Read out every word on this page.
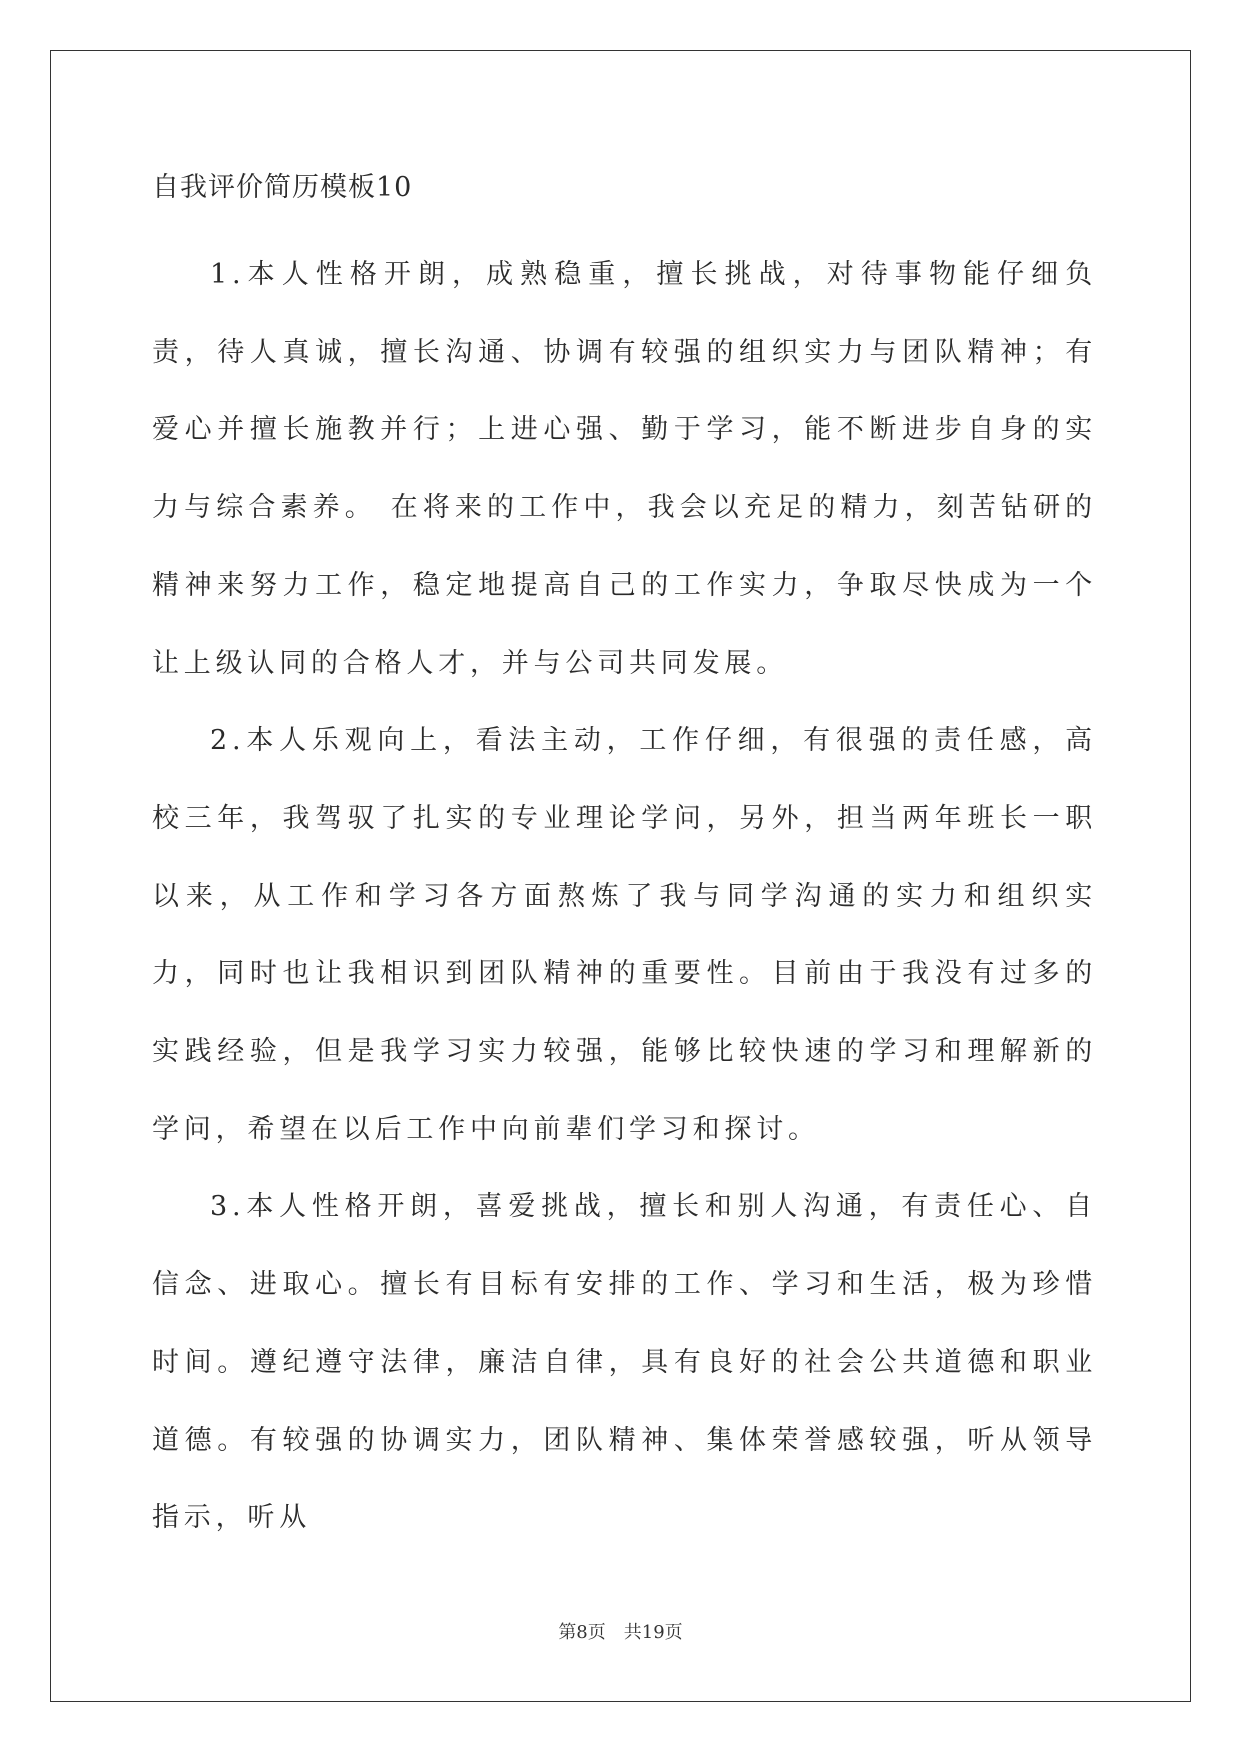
自我评价简历模板10

1.本人性格开朗，成熟稳重，擅长挑战，对待事物能仔细负责，待人真诚，擅长沟通、协调有较强的组织实力与团队精神；有爱心并擅长施教并行；上进心强、勤于学习，能不断进步自身的实力与综合素养。 在将来的工作中，我会以充足的精力，刻苦钻研的精神来努力工作，稳定地提高自己的工作实力，争取尽快成为一个让上级认同的合格人才，并与公司共同发展。

2.本人乐观向上，看法主动，工作仔细，有很强的责任感，高校三年，我驾驭了扎实的专业理论学问，另外，担当两年班长一职以来，从工作和学习各方面熬炼了我与同学沟通的实力和组织实力，同时也让我相识到团队精神的重要性。目前由于我没有过多的实践经验，但是我学习实力较强，能够比较快速的学习和理解新的学问，希望在以后工作中向前辈们学习和探讨。

3.本人性格开朗，喜爱挑战，擅长和别人沟通，有责任心、自信念、进取心。擅长有目标有安排的工作、学习和生活，极为珍惜时间。遵纪遵守法律，廉洁自律，具有良好的社会公共道德和职业道德。有较强的协调实力，团队精神、集体荣誉感较强，听从领导指示，听从

第8页 共19页
